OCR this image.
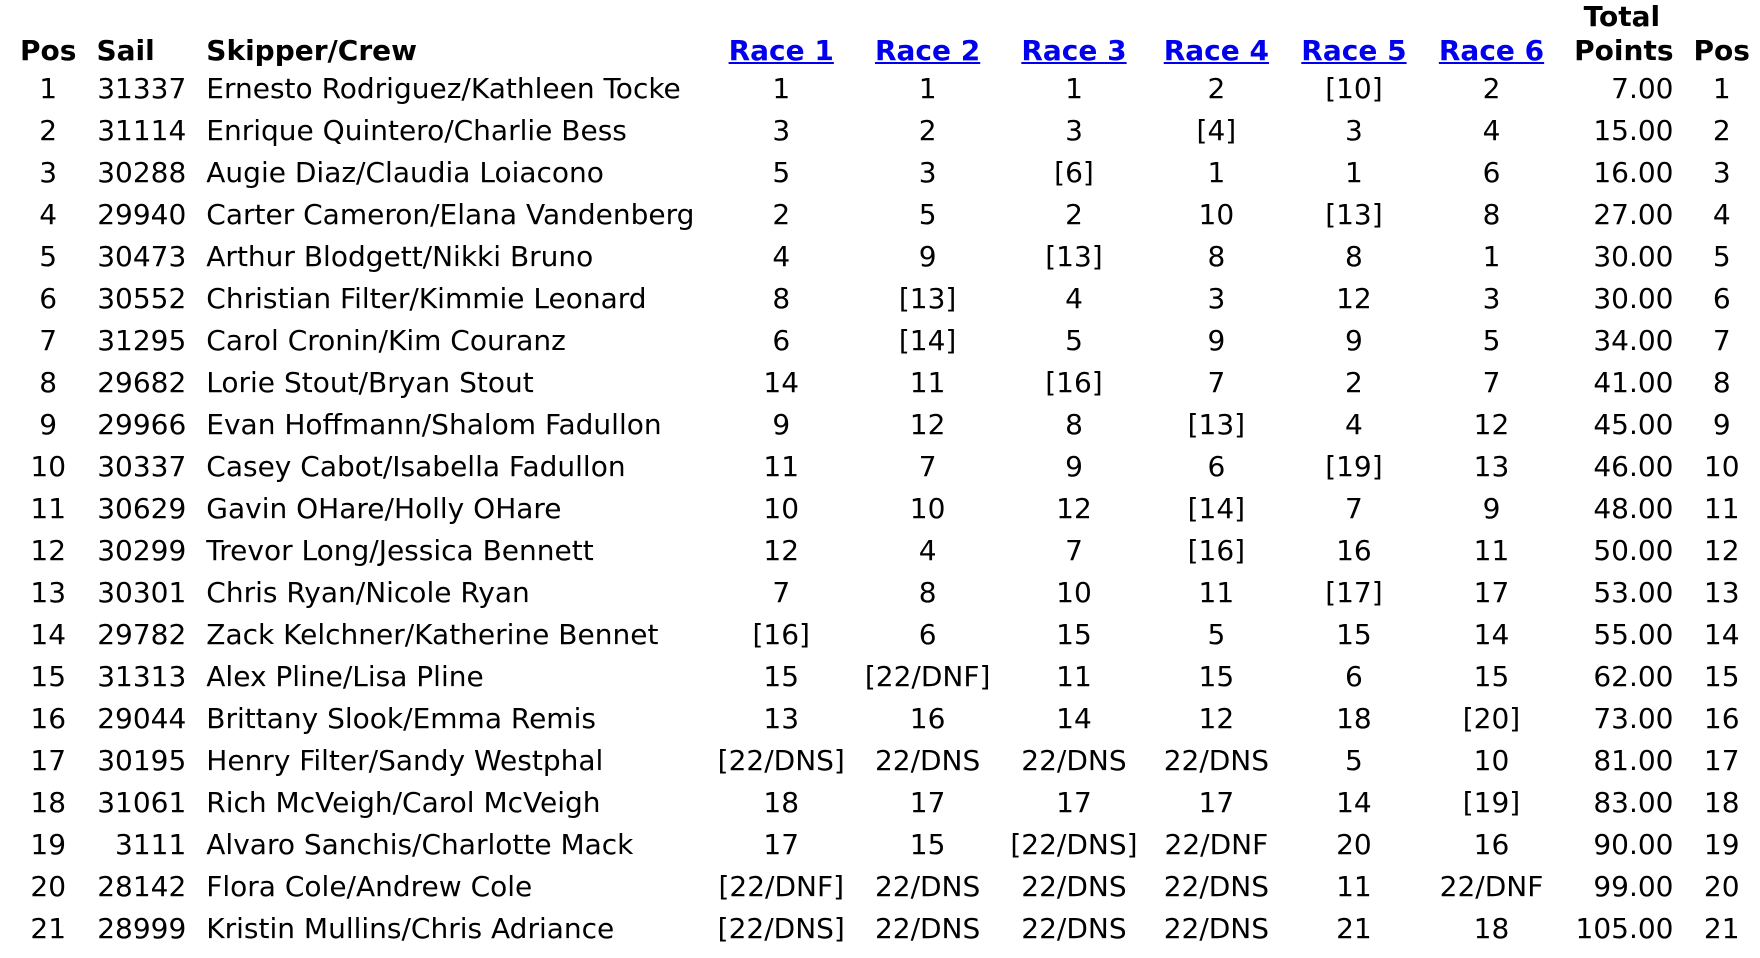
Pos	Sail	Skipper/Crew	Race 1	Race 2	Race 3	Race 4	Race 5	Race 6	Total
Points	Pos
1	31337	Ernesto Rodriguez/Kathleen Tocke	1	1	1	2	[10]	2	7.00	1
2	31114	Enrique Quintero/Charlie Bess	3	2	3	[4]	3	4	15.00	2
3	30288	Augie Diaz/Claudia Loiacono	5	3	[6]	1	1	6	16.00	3
4	29940	Carter Cameron/Elana Vandenberg	2	5	2	10	[13]	8	27.00	4
5	30473	Arthur Blodgett/Nikki Bruno	4	9	[13]	8	8	1	30.00	5
6	30552	Christian Filter/Kimmie Leonard	8	[13]	4	3	12	3	30.00	6
7	31295	Carol Cronin/Kim Couranz	6	[14]	5	9	9	5	34.00	7
8	29682	Lorie Stout/Bryan Stout	14	11	[16]	7	2	7	41.00	8
9	29966	Evan Hoffmann/Shalom Fadullon	9	12	8	[13]	4	12	45.00	9
10	30337	Casey Cabot/Isabella Fadullon	11	7	9	6	[19]	13	46.00	10
11	30629	Gavin OHare/Holly OHare	10	10	12	[14]	7	9	48.00	11
12	30299	Trevor Long/Jessica Bennett	12	4	7	[16]	16	11	50.00	12
13	30301	Chris Ryan/Nicole Ryan	7	8	10	11	[17]	17	53.00	13
14	29782	Zack Kelchner/Katherine Bennet	[16]	6	15	5	15	14	55.00	14
15	31313	Alex Pline/Lisa Pline	15	[22/DNF]	11	15	6	15	62.00	15
16	29044	Brittany Slook/Emma Remis	13	16	14	12	18	[20]	73.00	16
17	30195	Henry Filter/Sandy Westphal	[22/DNS]	22/DNS	22/DNS	22/DNS	5	10	81.00	17
18	31061	Rich McVeigh/Carol McVeigh	18	17	17	17	14	[19]	83.00	18
19	3111	Alvaro Sanchis/Charlotte Mack	17	15	[22/DNS]	22/DNF	20	16	90.00	19
20	28142	Flora Cole/Andrew Cole	[22/DNF]	22/DNS	22/DNS	22/DNS	11	22/DNF	99.00	20
21	28999	Kristin Mullins/Chris Adriance	[22/DNS]	22/DNS	22/DNS	22/DNS	21	18	105.00	21
